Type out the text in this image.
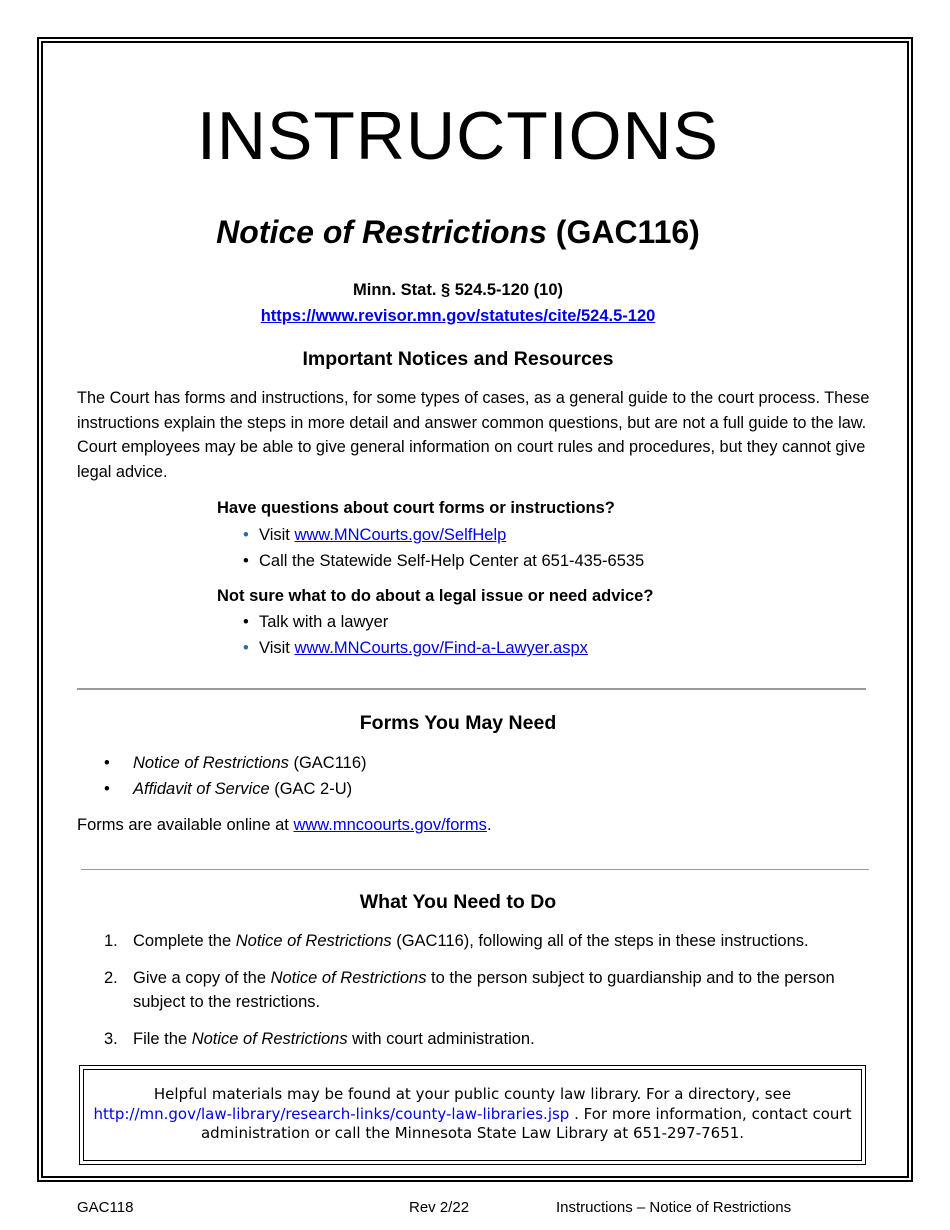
INSTRUCTIONS
Notice of Restrictions (GAC116)
Minn. Stat. § 524.5-120 (10)
https://www.revisor.mn.gov/statutes/cite/524.5-120
Important Notices and Resources
The Court has forms and instructions, for some types of cases, as a general guide to the court process. These instructions explain the steps in more detail and answer common questions, but are not a full guide to the law. Court employees may be able to give general information on court rules and procedures, but they cannot give legal advice.
Have questions about court forms or instructions?
• Visit www.MNCourts.gov/SelfHelp
• Call the Statewide Self-Help Center at 651-435-6535
Not sure what to do about a legal issue or need advice?
• Talk with a lawyer
• Visit www.MNCourts.gov/Find-a-Lawyer.aspx
Forms You May Need
• Notice of Restrictions (GAC116)
• Affidavit of Service (GAC 2-U)
Forms are available online at www.mncoourts.gov/forms.
What You Need to Do
1. Complete the Notice of Restrictions (GAC116), following all of the steps in these instructions.
2. Give a copy of the Notice of Restrictions to the person subject to guardianship and to the person subject to the restrictions.
3. File the Notice of Restrictions with court administration.
Helpful materials may be found at your public county law library. For a directory, see http://mn.gov/law-library/research-links/county-law-libraries.jsp . For more information, contact court administration or call the Minnesota State Law Library at 651-297-7651.
GAC118	Rev 2/22	Instructions – Notice of Restrictions
